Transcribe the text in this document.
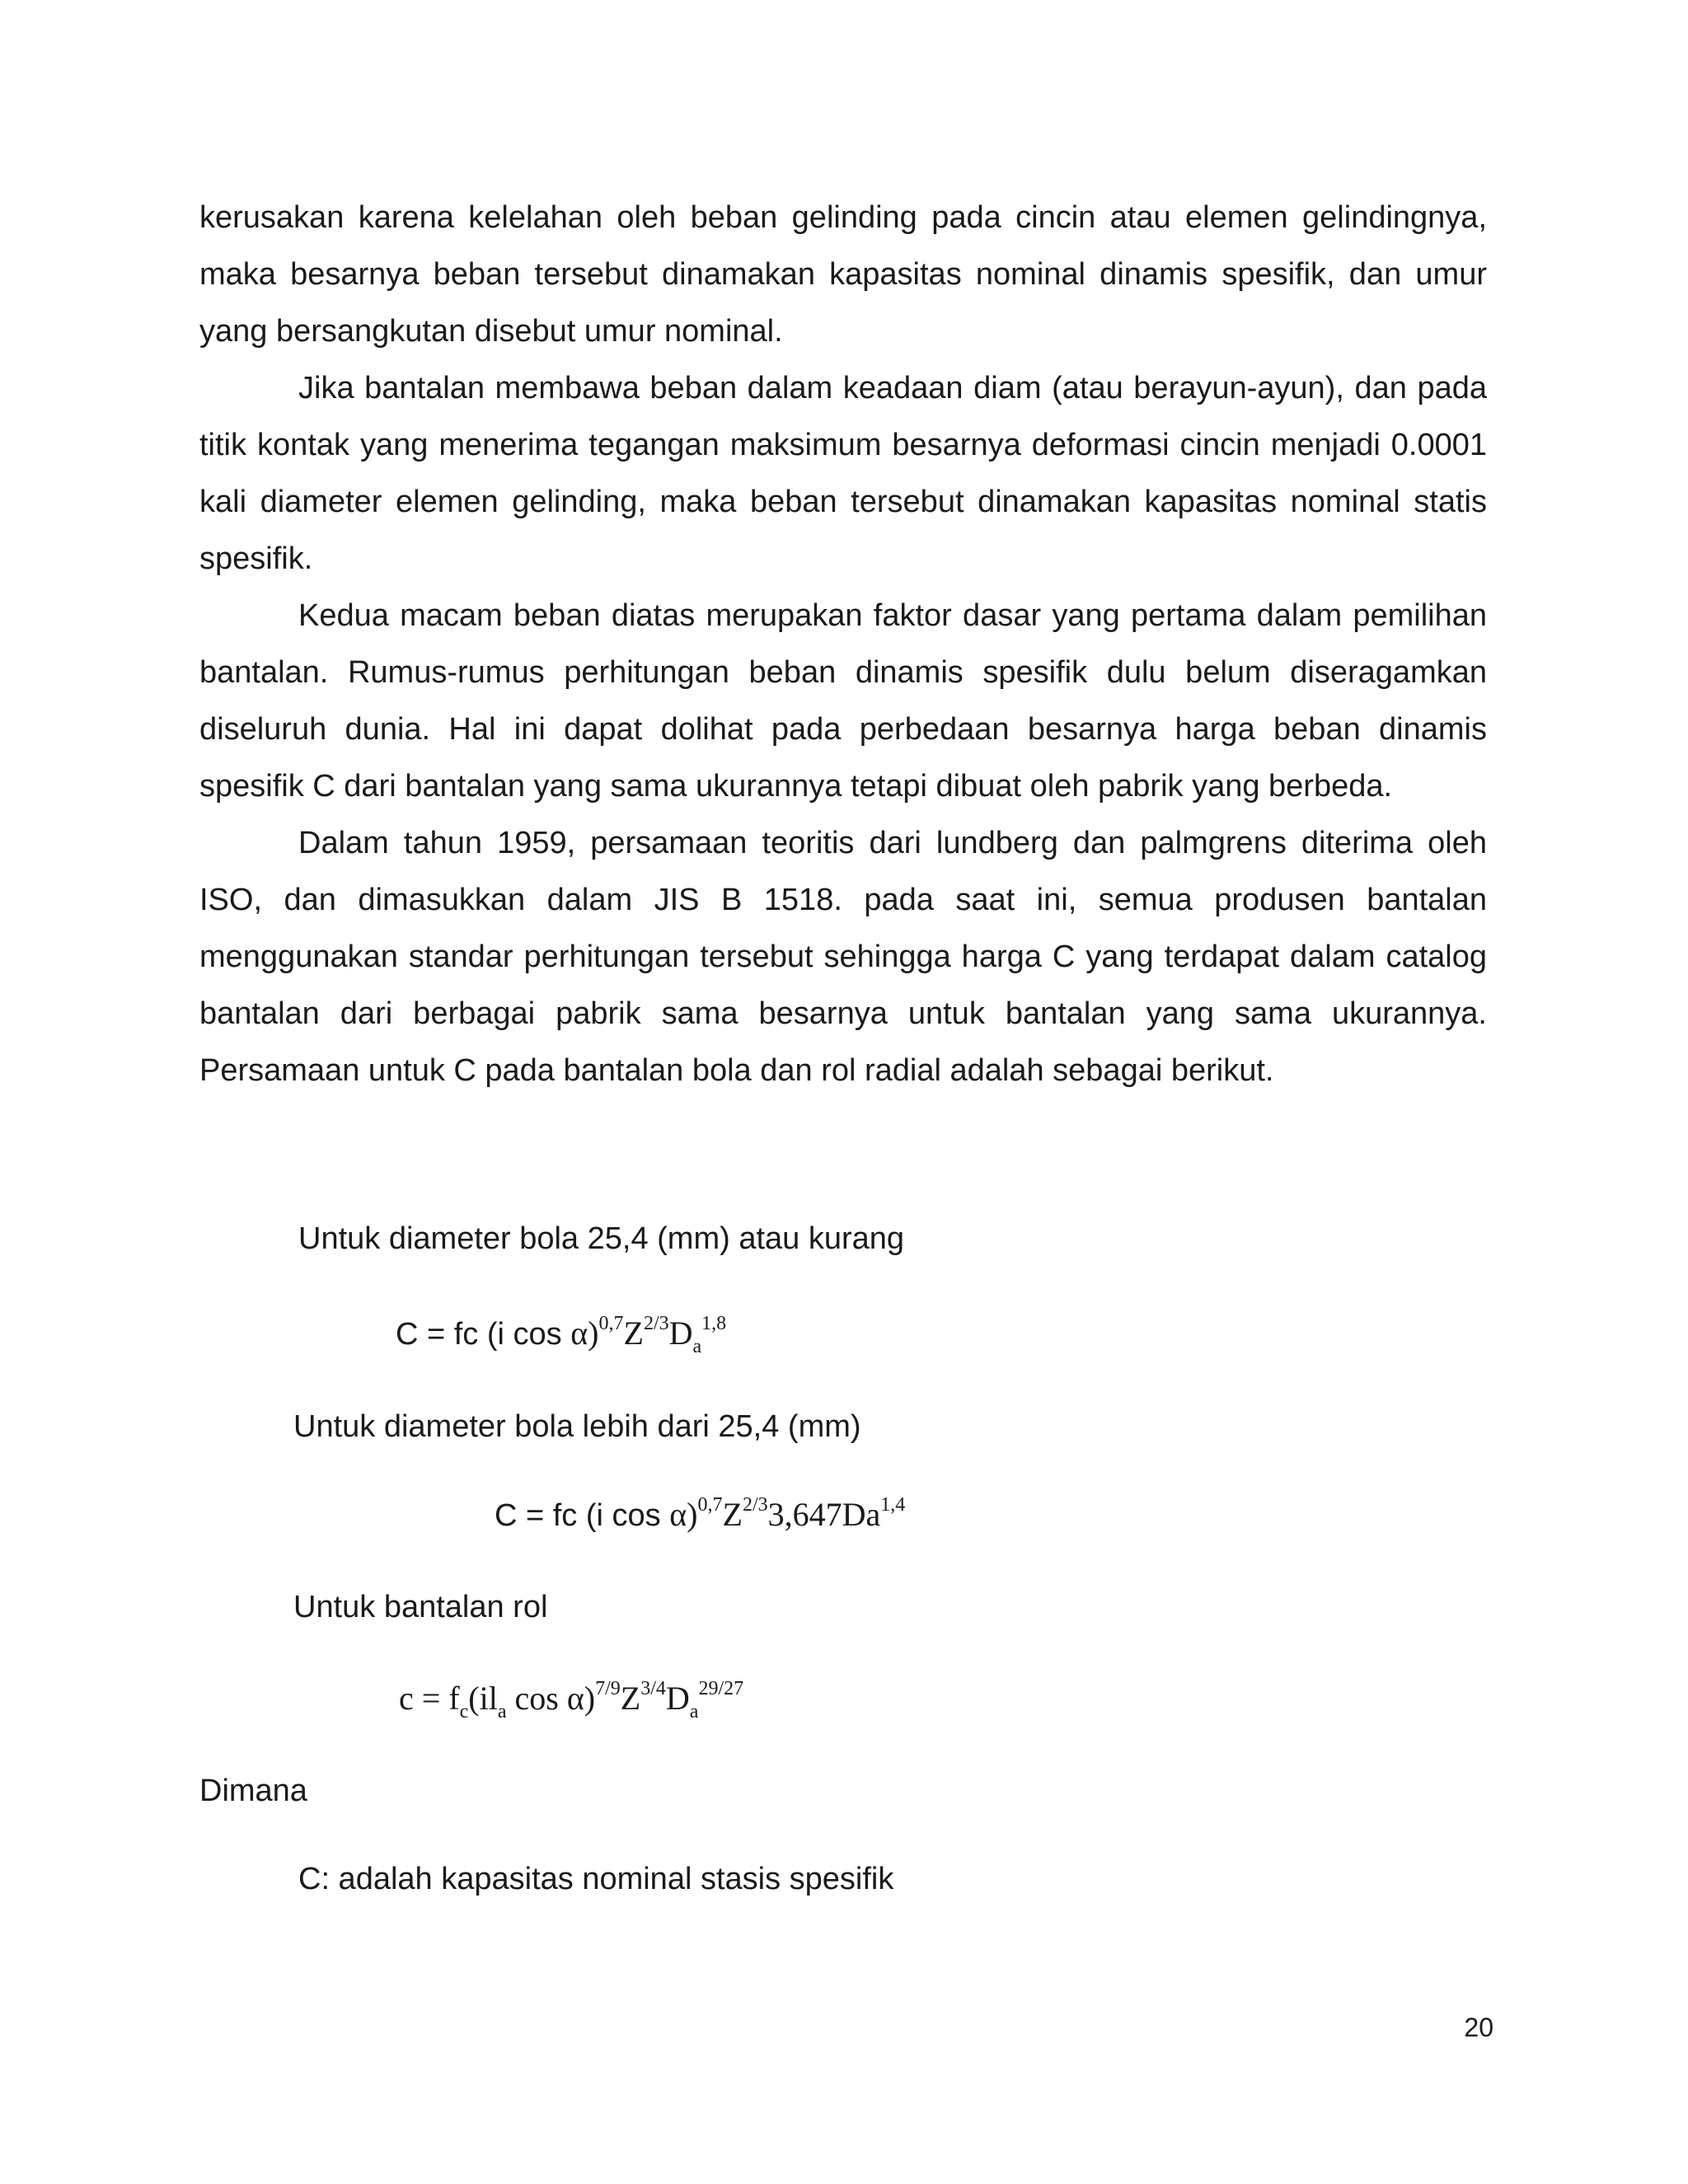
kerusakan karena kelelahan oleh beban gelinding pada cincin atau elemen gelindingnya, maka besarnya beban tersebut dinamakan kapasitas nominal dinamis spesifik, dan umur yang bersangkutan disebut umur nominal.

Jika bantalan membawa beban dalam keadaan diam (atau berayun-ayun), dan pada titik kontak yang menerima tegangan maksimum besarnya deformasi cincin menjadi 0.0001 kali diameter elemen gelinding, maka beban tersebut dinamakan kapasitas nominal statis spesifik.

Kedua macam beban diatas merupakan faktor dasar yang pertama dalam pemilihan bantalan. Rumus-rumus perhitungan beban dinamis spesifik dulu belum diseragamkan diseluruh dunia. Hal ini dapat dolihat pada perbedaan besarnya harga beban dinamis spesifik C dari bantalan yang sama ukurannya tetapi dibuat oleh pabrik yang berbeda.

Dalam tahun 1959, persamaan teoritis dari lundberg dan palmgrens diterima oleh ISO, dan dimasukkan dalam JIS B 1518. pada saat ini, semua produsen bantalan menggunakan standar perhitungan tersebut sehingga harga C yang terdapat dalam catalog bantalan dari berbagai pabrik sama besarnya untuk bantalan yang sama ukurannya. Persamaan untuk C pada bantalan bola dan rol radial adalah sebagai berikut.

Untuk diameter bola 25,4 (mm) atau kurang
C = fc (i $\cos \alpha)^{0,7}Z^{2/3}D_a^{1,8}$
Untuk diameter bola lebih dari 25,4 (mm)
C = fc (i $\cos \alpha)^{0,7}Z^{2/3}3,647Da^{1,4}$
Untuk bantalan rol
$c = f_c(il_a$ $\cos \alpha)^{7/9}Z^{3/4}D_a^{29/27}$
Dimana
C: adalah kapasitas nominal stasis spesifik
20
